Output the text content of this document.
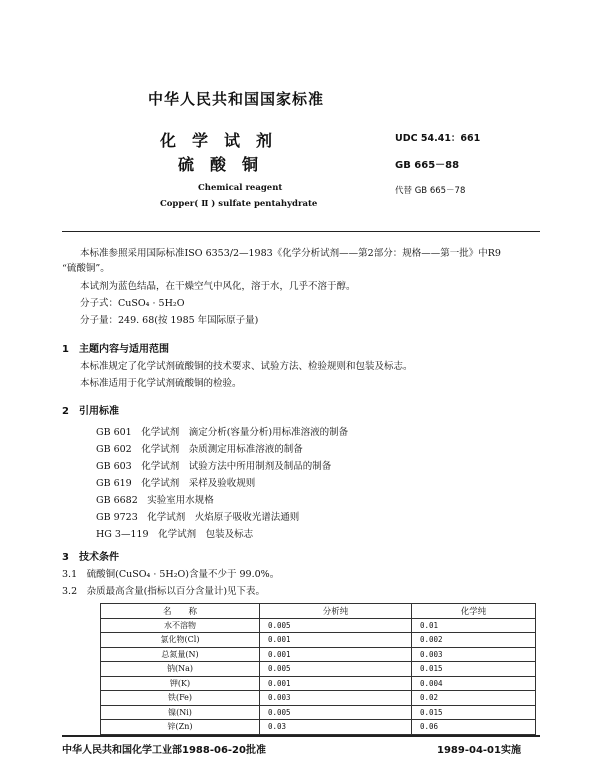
中华人民共和国国家标准
化　学　试　剂
硫　酸　铜
UDC 54.41：661
GB 665－88
Chemical reagent	代替 GB 665－78
Copper( Ⅱ ) sulfate pentahydrate
本标准参照采用国际标准ISO 6353/2—1983《化学分析试剂——第2部分：规格——第一批》中R9
“硫酸铜”。
本试剂为蓝色结晶，在干燥空气中风化，溶于水，几乎不溶于醇。
分子式：CuSO₄ · 5H₂O
分子量：249. 68(按 1985 年国际原子量)
1　主题内容与适用范围
本标准规定了化学试剂硫酸铜的技术要求、试验方法、检验规则和包装及标志。
本标准适用于化学试剂硫酸铜的检验。
2　引用标准
GB 601　化学试剂　滴定分析(容量分析)用标准溶液的制备
GB 602　化学试剂　杂质测定用标准溶液的制备
GB 603　化学试剂　试验方法中所用制剂及制品的制备
GB 619　化学试剂　采样及验收规则
GB 6682　实验室用水规格
GB 9723　化学试剂　火焰原子吸收光谱法通则
HG 3—119　化学试剂　包装及标志
3　技术条件
3.1　硫酸铜(CuSO₄ · 5H₂O)含量不少于 99.0%。
3.2　杂质最高含量(指标以百分含量计)见下表。
名　　称	分析纯	化学纯
水不溶物	0.005	0.01
氯化物(Cl)	0.001	0.002
总氮量(N)	0.001	0.003
钠(Na)	0.005	0.015
钾(K)	0.001	0.004
铁(Fe)	0.003	0.02
镍(Ni)	0.005	0.015
锌(Zn)	0.03	0.06
中华人民共和国化学工业部1988-06-20批准	1989-04-01实施
